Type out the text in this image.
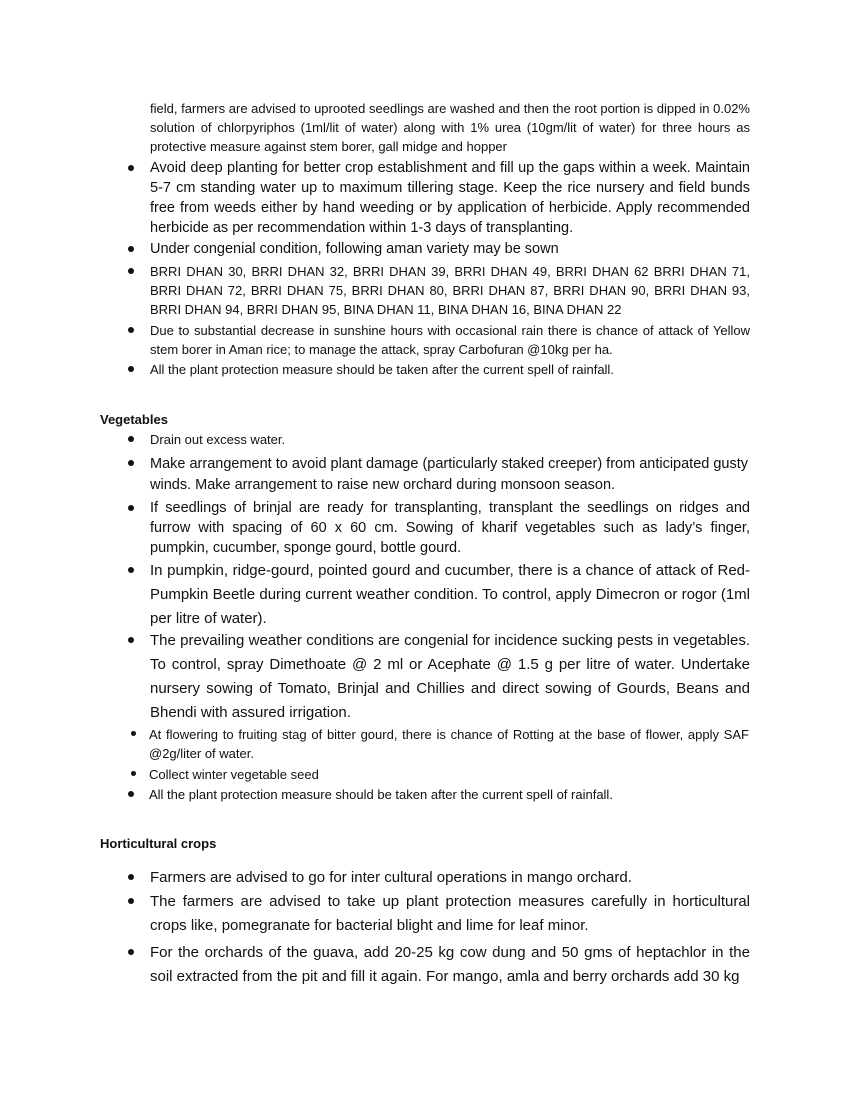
field, farmers are advised to uprooted seedlings are washed and then the root portion is dipped in 0.02% solution of chlorpyriphos (1ml/lit of water) along with 1% urea (10gm/lit of water) for three hours as protective measure against stem borer, gall midge and hopper

Avoid deep planting for better crop establishment and fill up the gaps within a week. Maintain 5-7 cm standing water up to maximum tillering stage. Keep the rice nursery and field bunds free from weeds either by hand weeding or by application of herbicide. Apply recommended herbicide as per recommendation within 1-3 days of transplanting.

Under congenial condition, following aman variety may be sown

BRRI DHAN 30, BRRI DHAN 32, BRRI DHAN 39, BRRI DHAN 49, BRRI DHAN 62 BRRI DHAN 71, BRRI DHAN 72, BRRI DHAN 75, BRRI DHAN 80, BRRI DHAN 87, BRRI DHAN 90, BRRI DHAN 93, BRRI DHAN 94, BRRI DHAN 95, BINA DHAN 11, BINA DHAN 16, BINA DHAN 22

Due to substantial decrease in sunshine hours with occasional rain there is chance of attack of Yellow stem borer in Aman rice; to manage the attack, spray Carbofuran @10kg per ha.

All the plant protection measure should be taken after the current spell of rainfall.

Vegetables

Drain out excess water.

Make arrangement to avoid plant damage (particularly staked creeper) from anticipated gusty winds. Make arrangement to raise new orchard during monsoon season.

If seedlings of brinjal are ready for transplanting, transplant the seedlings on ridges and furrow with spacing of 60 x 60 cm. Sowing of kharif vegetables such as lady’s finger, pumpkin, cucumber, sponge gourd, bottle gourd.

In pumpkin, ridge-gourd, pointed gourd and cucumber, there is a chance of attack of Red-Pumpkin Beetle during current weather condition. To control, apply Dimecron or rogor (1ml per litre of water).

The prevailing weather conditions are congenial for incidence sucking pests in vegetables. To control, spray Dimethoate @ 2 ml or Acephate @ 1.5 g per litre of water. Undertake nursery sowing of Tomato, Brinjal and Chillies and direct sowing of Gourds, Beans and Bhendi with assured irrigation.

At flowering to fruiting stag of bitter gourd, there is chance of Rotting at the base of flower, apply SAF @2g/liter of water.

Collect winter vegetable seed

All the plant protection measure should be taken after the current spell of rainfall.

Horticultural crops

Farmers are advised to go for inter cultural operations in mango orchard.

The farmers are advised to take up plant protection measures carefully in horticultural crops like, pomegranate for bacterial blight and lime for leaf minor.

For the orchards of the guava, add 20-25 kg cow dung and 50 gms of heptachlor in the soil extracted from the pit and fill it again. For mango, amla and berry orchards add 30 kg
